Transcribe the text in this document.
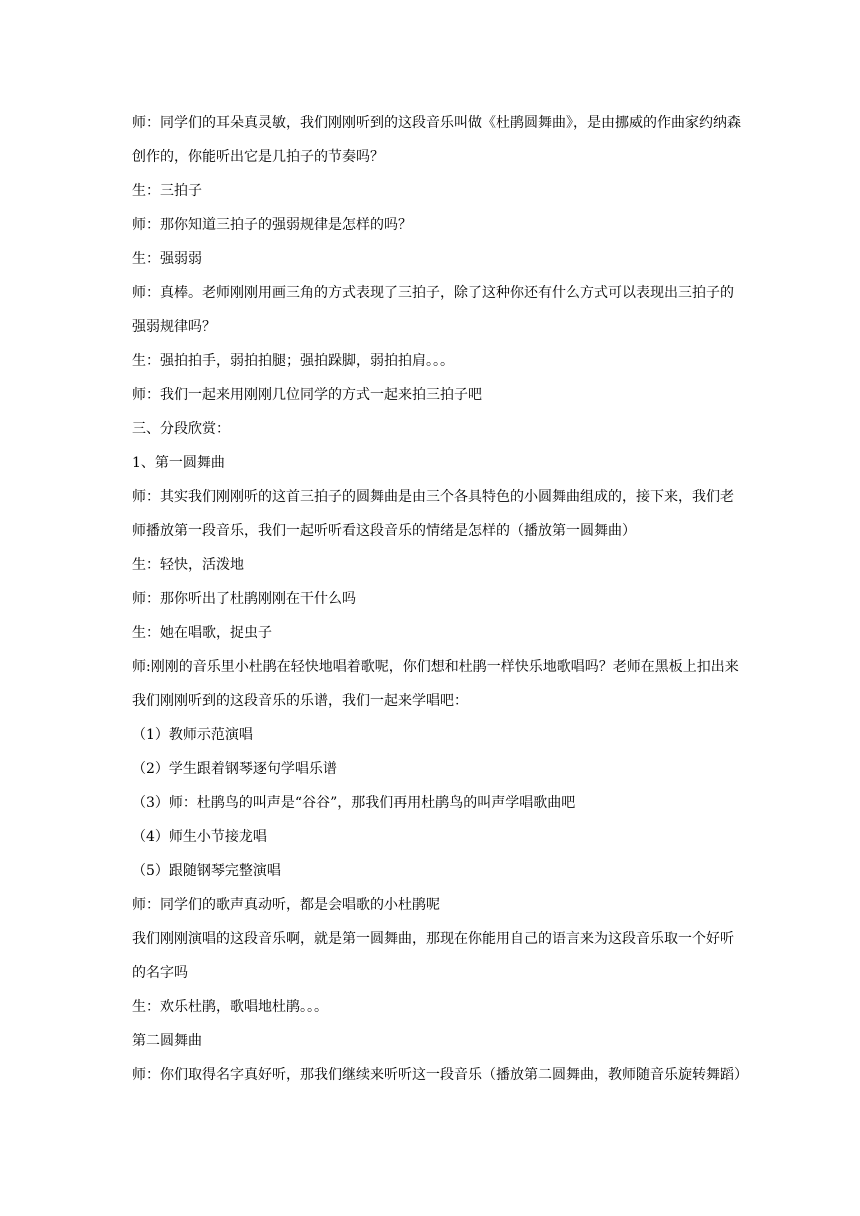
师：同学们的耳朵真灵敏，我们刚刚听到的这段音乐叫做《杜鹃圆舞曲》，是由挪威的作曲家约纳森创作的，你能听出它是几拍子的节奏吗？

生：三拍子

师：那你知道三拍子的强弱规律是怎样的吗？

生：强弱弱

师：真棒。老师刚刚用画三角的方式表现了三拍子，除了这种你还有什么方式可以表现出三拍子的强弱规律吗？

生：强拍拍手，弱拍拍腿；强拍跺脚，弱拍拍肩。。。

师：我们一起来用刚刚几位同学的方式一起来拍三拍子吧

三、分段欣赏：

1、第一圆舞曲

师：其实我们刚刚听的这首三拍子的圆舞曲是由三个各具特色的小圆舞曲组成的，接下来，我们老师播放第一段音乐，我们一起听听看这段音乐的情绪是怎样的（播放第一圆舞曲）

生：轻快，活泼地

师：那你听出了杜鹃刚刚在干什么吗

生：她在唱歌，捉虫子

师:刚刚的音乐里小杜鹃在轻快地唱着歌呢，你们想和杜鹃一样快乐地歌唱吗？老师在黑板上扣出来我们刚刚听到的这段音乐的乐谱，我们一起来学唱吧：

（1）教师示范演唱

（2）学生跟着钢琴逐句学唱乐谱

（3）师：杜鹃鸟的叫声是“谷谷”，那我们再用杜鹃鸟的叫声学唱歌曲吧

（4）师生小节接龙唱

（5）跟随钢琴完整演唱

师：同学们的歌声真动听，都是会唱歌的小杜鹃呢

我们刚刚演唱的这段音乐啊，就是第一圆舞曲，那现在你能用自己的语言来为这段音乐取一个好听的名字吗

生：欢乐杜鹃，歌唱地杜鹃。。。

第二圆舞曲

师：你们取得名字真好听，那我们继续来听听这一段音乐（播放第二圆舞曲，教师随音乐旋转舞蹈）
